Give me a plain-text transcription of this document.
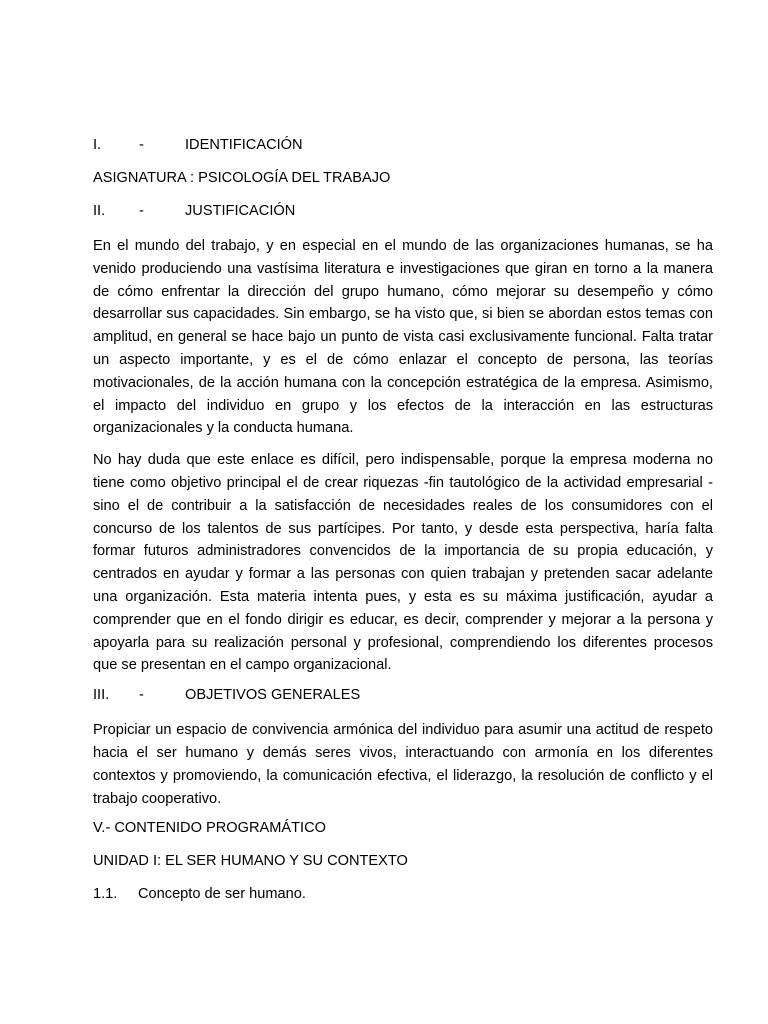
I.	-	IDENTIFICACIÓN
ASIGNATURA : PSICOLOGÍA DEL TRABAJO
II. -	JUSTIFICACIÓN

En el mundo del trabajo, y en especial en el mundo de las organizaciones humanas, se ha venido produciendo una vastísima literatura e investigaciones que giran en torno a la manera de cómo enfrentar la dirección del grupo humano, cómo mejorar su desempeño y cómo desarrollar sus capacidades. Sin embargo, se ha visto que, si bien se abordan estos temas con amplitud, en general se hace bajo un punto de vista casi exclusivamente funcional. Falta tratar un aspecto importante, y es el de cómo enlazar el concepto de persona, las teorías motivacionales, de la acción humana con la concepción estratégica de la empresa. Asimismo, el impacto del individuo en grupo y los efectos de la interacción en las estructuras organizacionales y la conducta humana.

No hay duda que este enlace es difícil, pero indispensable, porque la empresa moderna no tiene como objetivo principal el de crear riquezas -fin tautológico de la actividad empresarial - sino el de contribuir a la satisfacción de necesidades reales de los consumidores con el concurso de los talentos de sus partícipes. Por tanto, y desde esta perspectiva, haría falta formar futuros administradores convencidos de la importancia de su propia educación, y centrados en ayudar y formar a las personas con quien trabajan y pretenden sacar adelante una organización. Esta materia intenta pues, y esta es su máxima justificación, ayudar a comprender que en el fondo dirigir es educar, es decir, comprender y mejorar a la persona y apoyarla para su realización personal y profesional, comprendiendo los diferentes procesos que se presentan en el campo organizacional.

III. -	OBJETIVOS GENERALES

Propiciar un espacio de convivencia armónica del individuo para asumir una actitud de respeto hacia el ser humano y demás seres vivos, interactuando con armonía en los diferentes contextos y promoviendo, la comunicación efectiva, el liderazgo, la resolución de conflicto y el trabajo cooperativo.

V.- CONTENIDO PROGRAMÁTICO
UNIDAD I: EL SER HUMANO Y SU CONTEXTO
1.1. Concepto de ser humano.
